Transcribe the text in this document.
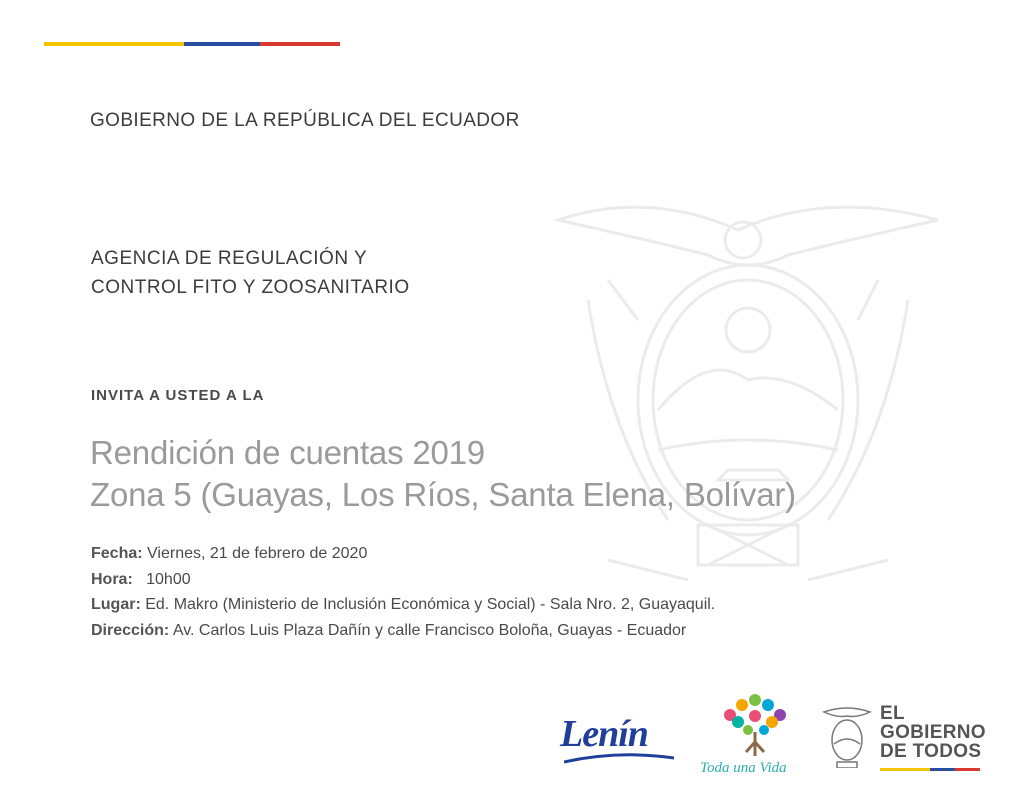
GOBIERNO DE LA REPÚBLICA DEL ECUADOR
AGENCIA DE REGULACIÓN Y
CONTROL FITO Y ZOOSANITARIO
INVITA A USTED A LA
Rendición de cuentas 2019
Zona 5 (Guayas, Los Ríos, Santa Elena, Bolívar)
Fecha: Viernes, 21 de febrero de 2020
Hora: 10h00
Lugar: Ed. Makro (Ministerio de Inclusión Económica y Social) - Sala Nro. 2, Guayaquil.
Dirección: Av. Carlos Luis Plaza Dañín y calle Francisco Boloña, Guayas - Ecuador
Lenín
Toda una Vida
EL
GOBIERNO
DE TODOS
